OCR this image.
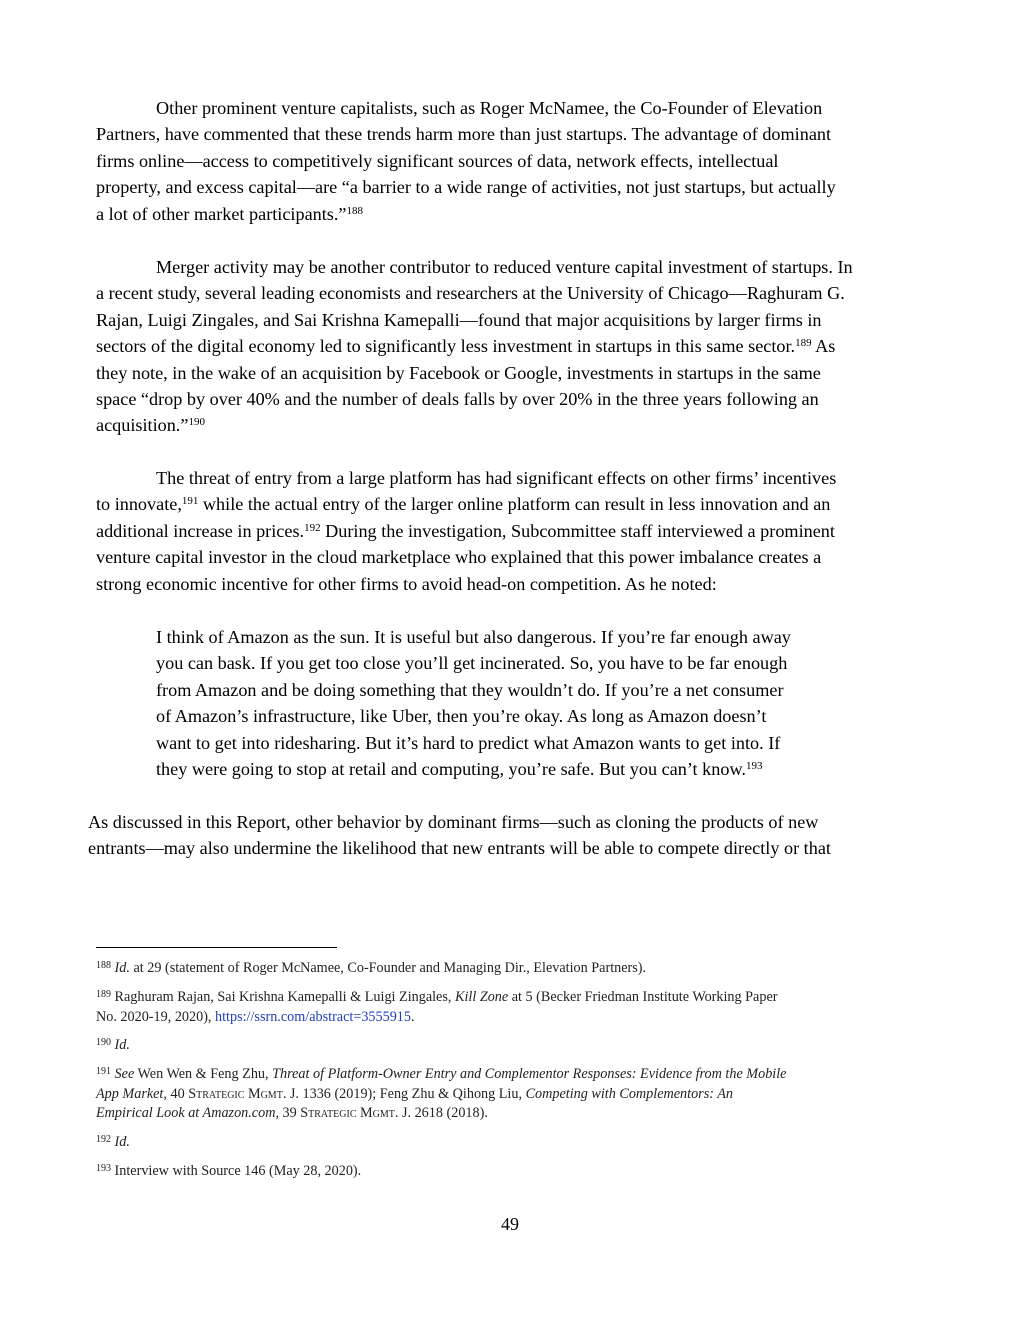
Other prominent venture capitalists, such as Roger McNamee, the Co-Founder of Elevation
Partners, have commented that these trends harm more than just startups. The advantage of dominant
firms online—access to competitively significant sources of data, network effects, intellectual
property, and excess capital—are “a barrier to a wide range of activities, not just startups, but actually
a lot of other market participants.”$^{188}$
Merger activity may be another contributor to reduced venture capital investment of startups. In
a recent study, several leading economists and researchers at the University of Chicago—Raghuram G.
Rajan, Luigi Zingales, and Sai Krishna Kamepalli—found that major acquisitions by larger firms in
sectors of the digital economy led to significantly less investment in startups in this same sector.$^{189}$ As
they note, in the wake of an acquisition by Facebook or Google, investments in startups in the same
space “drop by over 40% and the number of deals falls by over 20% in the three years following an
acquisition.”$^{190}$
The threat of entry from a large platform has had significant effects on other firms’ incentives
to innovate,$^{191}$ while the actual entry of the larger online platform can result in less innovation and an
additional increase in prices.$^{192}$ During the investigation, Subcommittee staff interviewed a prominent
venture capital investor in the cloud marketplace who explained that this power imbalance creates a
strong economic incentive for other firms to avoid head-on competition. As he noted:
I think of Amazon as the sun. It is useful but also dangerous. If you’re far enough away
you can bask. If you get too close you’ll get incinerated. So, you have to be far enough
from Amazon and be doing something that they wouldn’t do. If you’re a net consumer
of Amazon’s infrastructure, like Uber, then you’re okay. As long as Amazon doesn’t
want to get into ridesharing. But it’s hard to predict what Amazon wants to get into. If
they were going to stop at retail and computing, you’re safe. But you can’t know.$^{193}$
As discussed in this Report, other behavior by dominant firms—such as cloning the products of new
entrants—may also undermine the likelihood that new entrants will be able to compete directly or that
$^{188}$ Id. at 29 (statement of Roger McNamee, Co-Founder and Managing Dir., Elevation Partners).
$^{189}$ Raghuram Rajan, Sai Krishna Kamepalli & Luigi Zingales, Kill Zone at 5 (Becker Friedman Institute Working Paper
No. 2020-19, 2020), https://ssrn.com/abstract=3555915.
$^{190}$ Id.
$^{191}$ See Wen Wen & Feng Zhu, Threat of Platform-Owner Entry and Complementor Responses: Evidence from the Mobile
App Market, 40 Strategic Mgmt. J. 1336 (2019); Feng Zhu & Qihong Liu, Competing with Complementors: An
Empirical Look at Amazon.com, 39 Strategic Mgmt. J. 2618 (2018).
$^{192}$ Id.
$^{193}$ Interview with Source 146 (May 28, 2020).
49
